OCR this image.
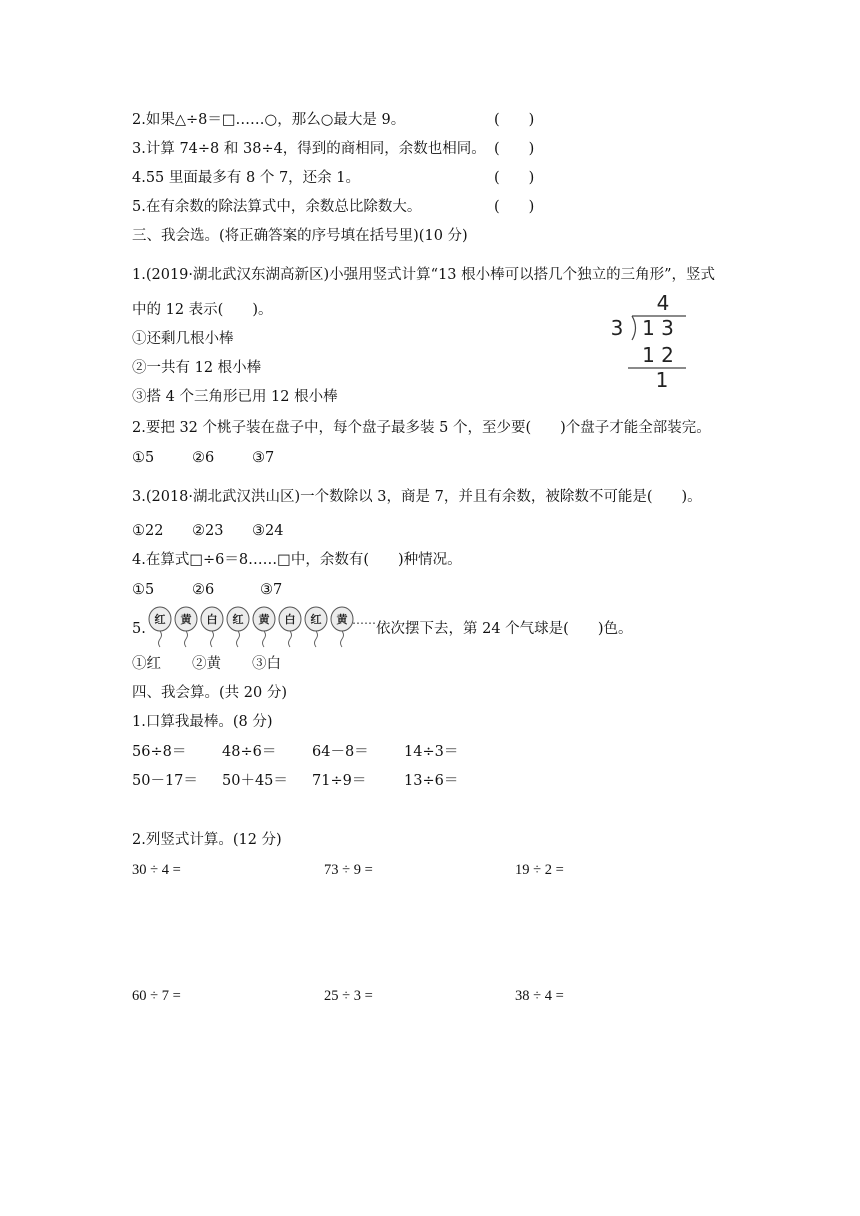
2.如果△÷8＝□……○，那么○最大是 9。	(　　)
3.计算 74÷8 和 38÷4，得到的商相同，余数也相同。 (　　)
4.55 里面最多有 8 个 7，还余 1。	(　　)
5.在有余数的除法算式中，余数总比除数大。	(　　)
三、我会选。(将正确答案的序号填在括号里)(10 分)
1.(2019·湖北武汉东湖高新区)小强用竖式计算“13 根小棒可以搭几个独立的三角形”，竖式
中的 12 表示(　　)。
①还剩几根小棒
②一共有 12 根小棒
③搭 4 个三角形已用 12 根小棒
4
3 1 3
1 2
1
2.要把 32 个桃子装在盘子中，每个盘子最多装 5 个，至少要(　　)个盘子才能全部装完。
①5	②6	③7
3.(2018·湖北武汉洪山区)一个数除以 3，商是 7，并且有余数，被除数不可能是(　　)。
①22 ②23 ③24
4.在算式□÷6＝8……□中，余数有(　　)种情况。
①5	②6	③7
5.
红 黄 白 红 黄 白 红 黄 ……
依次摆下去，第 24 个气球是(　　)色。
①红 ②黄 ③白
四、我会算。(共 20 分)
1.口算我最棒。(8 分)
56÷8＝ 48÷6＝ 64－8＝ 14÷3＝
50－17＝ 50＋45＝ 71÷9＝	13÷6＝
2.列竖式计算。(12 分)
30 ÷ 4 =	73 ÷ 9 =	19 ÷ 2 =
60 ÷ 7 =	25 ÷ 3 =	38 ÷ 4 =
